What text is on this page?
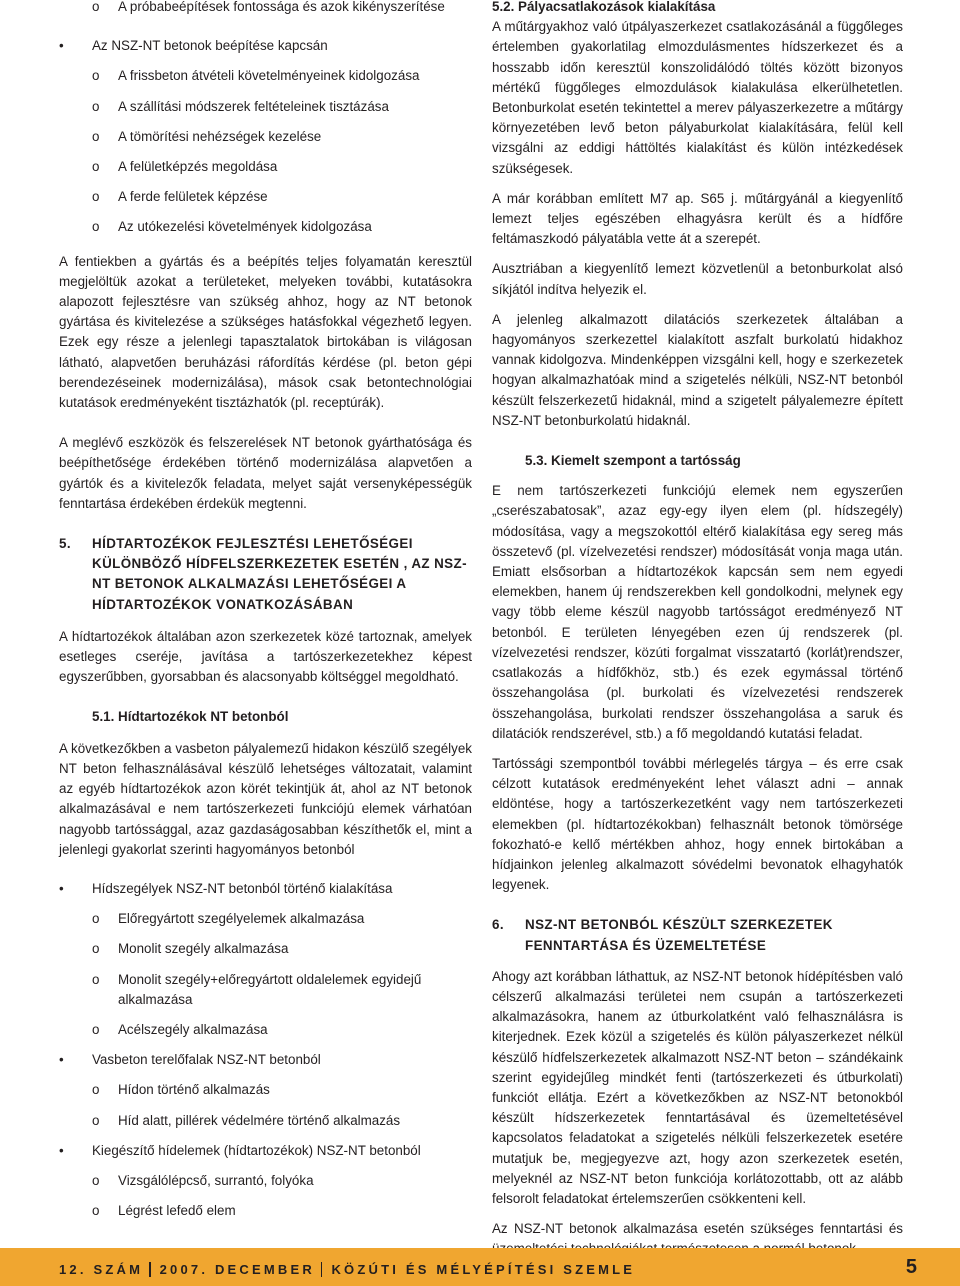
o	A próbabeépítések fontossága és azok kikényszerítése
•	Az NSZ-NT betonok beépítése kapcsán
o	A frissbeton átvételi követelményeinek kidolgozása
o	A szállítási módszerek feltételeinek tisztázása
o	A tömörítési nehézségek kezelése
o	A felületképzés megoldása
o	A ferde felületek képzése
o	Az utókezelési követelmények kidolgozása

A fentiekben a gyártás és a beépítés teljes folyamatán keresztül megjelöltük azokat a területeket, melyeken további, kutatásokra alapozott fejlesztésre van szükség ahhoz, hogy az NT betonok gyártása és kivitelezése a szükséges hatásfokkal végezhető legyen. Ezek egy része a jelenlegi tapasztalatok birtokában is világosan látható, alapvetően beruházási ráfordítás kérdése (pl. beton gépi berendezéseinek modernizálása), mások csak betontechnológiai kutatások eredményeként tisztázhatók (pl. receptúrák).

A meglévő eszközök és felszerelések NT betonok gyárthatósága és beépíthetősége érdekében történő modernizálása alapvetően a gyártók és a kivitelezők feladata, melyet saját versenyképességük fenntartása érdekében érdekük megtenni.

5. HÍDTARTOZÉKOK FEJLESZTÉSI LEHETŐSÉGEI KÜLÖNBÖZŐ HÍDFELSZERKEZETEK ESETÉN , AZ NSZ-NT BETONOK ALKALMAZÁSI LEHETŐSÉGEI A HÍDTARTOZÉKOK VONATKOZÁSÁBAN

A hídtartozékok általában azon szerkezetek közé tartoznak, amelyek esetleges cseréje, javítása a tartószerkezetekhez képest egyszerűbben, gyorsabban és alacsonyabb költséggel megoldható.

5.1. Hídtartozékok NT betonból

A következőkben a vasbeton pályalemezű hidakon készülő szegélyek NT beton felhasználásával készülő lehetséges változatait, valamint az egyéb hídtartozékok azon körét tekintjük át, ahol az NT betonok alkalmazásával e nem tartószerkezeti funkciójú elemek várhatóan nagyobb tartóssággal, azaz gazdaságosabban készíthetők el, mint a jelenlegi gyakorlat szerinti hagyományos betonból

•	Hídszegélyek NSZ-NT betonból történő kialakítása
o	Előregyártott szegélyelemek alkalmazása
o	Monolit szegély alkalmazása
o	Monolit szegély+előregyártott oldalelemek egyidejű alkalmazása
o	Acélszegély alkalmazása
•	Vasbeton terelőfalak NSZ-NT betonból
o	Hídon történő alkalmazás
o	Híd alatt, pillérek védelmére történő alkalmazás
•	Kiegészítő hídelemek (hídtartozékok) NSZ-NT betonból
o	Vizsgálólépcső, surrantó, folyóka
o	Légrést lefedő elem
5.2. Pályacsatlakozások kialakítása

A műtárgyakhoz való útpályaszerkezet csatlakozásánál a függőleges értelemben gyakorlatilag elmozdulásmentes hídszerkezet és a hosszabb időn keresztül konszolidálódó töltés között bizonyos mértékű függőleges elmozdulások kialakulása elkerülhetetlen. Betonburkolat esetén tekintettel a merev pályaszerkezetre a műtárgy környezetében levő beton pályaburkolat kialakítására, felül kell vizsgálni az eddigi háttöltés kialakítást és külön intézkedések szükségesek.

A már korábban említett M7 ap. S65 j. műtárgyánál a kiegyenlítő lemezt teljes egészében elhagyásra került és a hídfőre feltámaszkodó pályatábla vette át a szerepét.

Ausztriában a kiegyenlítő lemezt közvetlenül a betonburkolat alsó síkjától indítva helyezik el.

A jelenleg alkalmazott dilatációs szerkezetek általában a hagyományos szerkezettel kialakított aszfalt burkolatú hidakhoz vannak kidolgozva. Mindenképpen vizsgálni kell, hogy e szerkezetek hogyan alkalmazhatóak mind a szigetelés nélküli, NSZ-NT betonból készült felszerkezetű hidaknál, mind a szigetelt pályalemezre épített NSZ-NT betonburkolatú hidaknál.

5.3. Kiemelt szempont a tartósság

E nem tartószerkezeti funkciójú elemek nem egyszerűen „cserészabatosak”, azaz egy-egy ilyen elem (pl. hídszegély) módosítása, vagy a megszokottól eltérő kialakítása egy sereg más összetevő (pl. vízelvezetési rendszer) módosítását vonja maga után. Emiatt elsősorban a hídtartozékok kapcsán sem nem egyedi elemekben, hanem új rendszerekben kell gondolkodni, melynek egy vagy több eleme készül nagyobb tartósságot eredményező NT betonból. E területen lényegében ezen új rendszerek (pl. vízelvezetési rendszer, közúti forgalmat visszatartó (korlát)rendszer, csatlakozás a hídfőkhöz, stb.) és ezek egymással történő összehangolása (pl. burkolati és vízelvezetési rendszerek összehangolása, burkolati rendszer összehangolása a saruk és dilatációk rendszerével, stb.) a fő megoldandó kutatási feladat.

Tartóssági szempontból további mérlegelés tárgya – és erre csak célzott kutatások eredményeként lehet választ adni – annak eldöntése, hogy a tartószerkezetként vagy nem tartószerkezeti elemekben (pl. hídtartozékokban) felhasznált betonok tömörsége fokozható-e kellő mértékben ahhoz, hogy ennek birtokában a hídjainkon jelenleg alkalmazott sóvédelmi bevonatok elhagyhatók legyenek.

6. NSZ-NT BETONBÓL KÉSZÜLT SZERKEZETEK FENNTARTÁSA ÉS ÜZEMELTETÉSE

Ahogy azt korábban láthattuk, az NSZ-NT betonok hídépítésben való célszerű alkalmazási területei nem csupán a tartószerkezeti alkalmazásokra, hanem az útburkolatként való felhasználásra is kiterjednek. Ezek közül a szigetelés és külön pályaszerkezet nélkül készülő hídfelszerkezetek alkalmazott NSZ-NT beton – szándékaink szerint egyidejűleg mindkét fenti (tartószerkezeti és útburkolati) funkciót ellátja. Ezért a következőkben az NSZ-NT betonokból készült hídszerkezetek fenntartásával és üzemeltetésével kapcsolatos feladatokat a szigetelés nélküli felszerkezetek esetére mutatjuk be, megjegyezve azt, hogy azon szerkezetek esetén, melyeknél az NSZ-NT beton funkciója korlátozottabb, ott az alább felsorolt feladatokat értelemszerűen csökkenteni kell.

Az NSZ-NT betonok alkalmazása esetén szükséges fenntartási és

12. SZÁM 2007. DECEMBER KÖZÚTI ÉS MÉLYÉPÍTÉSI SZEMLE	5
